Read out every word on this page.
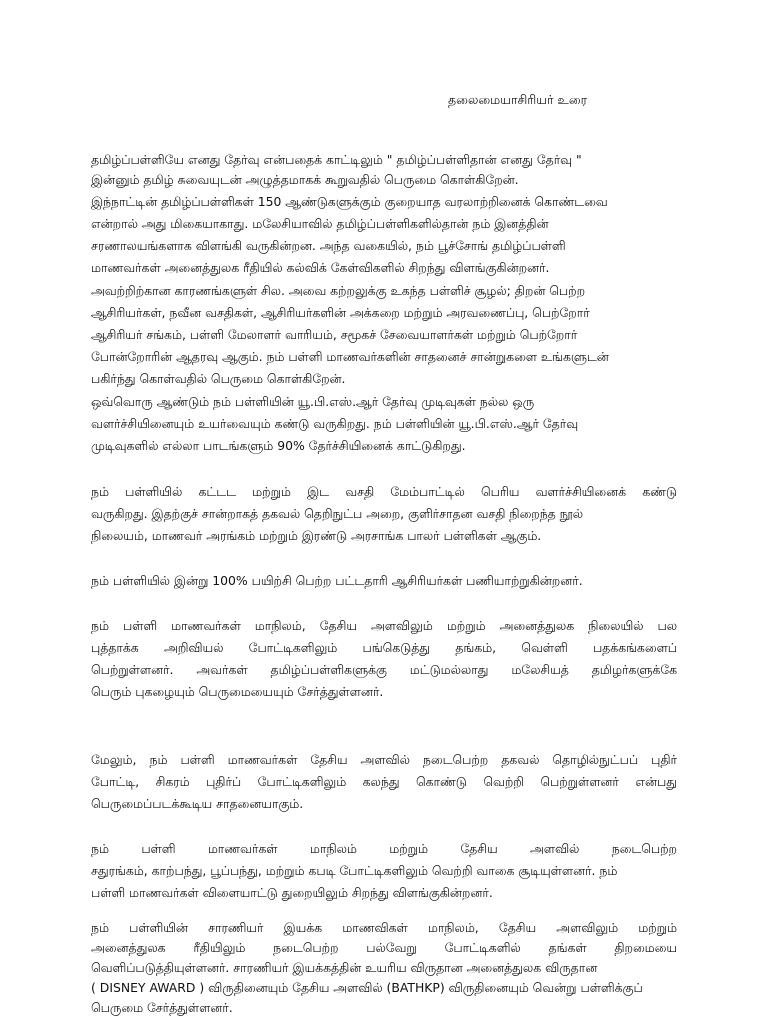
தலைமையாசிரியர் உரை
தமிழ்ப்பள்ளியே எனது தேர்வு என்பதைக் காட்டிலும் " தமிழ்ப்பள்ளிதான் எனது தேர்வு "
இன்னும் தமிழ் சுவையுடன் அழுத்தமாகக் கூறுவதில் பெருமை கொள்கிறேன்.
இந்நாட்டின் தமிழ்ப்பள்ளிகள் 150 ஆண்டுகளுக்கும் குறையாத வரலாற்றினைக் கொண்டவை
என்றால் அது மிகையாகாது. மலேசியாவில் தமிழ்ப்பள்ளிகளில்தான் நம் இனத்தின்
சரணாலயங்களாக விளங்கி வருகின்றன. அந்த வகையில், நம் பூச்சோங் தமிழ்ப்பள்ளி
மாணவர்கள் அனைத்துலக ரீதியில் கல்விக் கேள்விகளில் சிறந்து விளங்குகின்றனர்.
அவற்றிற்கான காரணங்களுள் சில. அவை கற்றலுக்கு உகந்த பள்ளிச் சூழல்; திறன் பெற்ற
ஆசிரியர்கள், நவீன வசதிகள், ஆசிரியர்களின் அக்கறை மற்றும் அரவணைப்பு, பெற்றோர்
ஆசிரியர் சங்கம், பள்ளி மேலாளர் வாரியம், சமூகச் சேவையாளர்கள் மற்றும் பெற்றோர்
போன்றோரின் ஆதரவு ஆகும். நம் பள்ளி மாணவர்களின் சாதனைச் சான்றுகளை உங்களுடன்
பகிர்ந்து கொள்வதில் பெருமை கொள்கிறேன்.
ஒவ்வொரு ஆண்டும் நம் பள்ளியின் யூ.பி.எஸ்.ஆர் தேர்வு முடிவுகள் நல்ல ஒரு
வளர்ச்சியினையும் உயர்வையும் கண்டு வருகிறது. நம் பள்ளியின் யூ.பி.எஸ்.ஆர் தேர்வு
முடிவுகளில் எல்லா பாடங்களும் 90% தேர்ச்சியினைக் காட்டுகிறது.
நம் பள்ளியில் கட்டட மற்றும் இட வசதி மேம்பாட்டில் பெரிய வளர்ச்சியினைக் கண்டு
வருகிறது. இதற்குச் சான்றாகத் தகவல் தெறிநுட்ப அறை, குளிர்சாதன வசதி நிறைந்த நூல்
நிலையம், மாணவர் அரங்கம் மற்றும் இரண்டு அரசாங்க பாலர் பள்ளிகள் ஆகும்.
நம் பள்ளியில் இன்று 100% பயிற்சி பெற்ற பட்டதாரி ஆசிரியர்கள் பணியாற்றுகின்றனர்.
நம் பள்ளி மாணவர்கள் மாநிலம், தேசிய அளவிலும் மற்றும் அனைத்துலக நிலையில் பல
புத்தாக்க அறிவியல் போட்டிகளிலும் பங்கெடுத்து தங்கம், வெள்ளி பதக்கங்களைப்
பெற்றுள்ளனர். அவர்கள் தமிழ்ப்பள்ளிகளுக்கு மட்டுமல்லாது மலேசியத் தமிழர்களுக்கே
பெரும் புகழையும் பெருமையையும் சேர்த்துள்ளனர்.
மேலும், நம் பள்ளி மாணவர்கள் தேசிய அளவில் நடைபெற்ற தகவல் தொழில்நுட்பப் புதிர்
போட்டி, சிகரம் புதிர்ப் போட்டிகளிலும் கலந்து கொண்டு வெற்றி பெற்றுள்ளனர் என்பது
பெருமைப்படக்கூடிய சாதனையாகும்.
நம் பள்ளி மாணவர்கள் மாநிலம் மற்றும் தேசிய அளவில் நடைபெற்ற
சதுரங்கம், காற்பந்து, பூப்பந்து, மற்றும் கபடி போட்டிகளிலும் வெற்றி வாகை சூடியுள்ளனர். நம்
பள்ளி மாணவர்கள் விளையாட்டு துறையிலும் சிறந்து விளங்குகின்றனர்.
நம் பள்ளியின் சாரணியர் இயக்க மாணவிகள் மாநிலம், தேசிய அளவிலும் மற்றும்
அனைத்துலக ரீதியிலும் நடைபெற்ற பல்வேறு போட்டிகளில் தங்கள் திறமையை
வெளிப்படுத்தியுள்ளனர். சாரணியர் இயக்கத்தின் உயரிய விருதான அனைத்துலக விருதான
( DISNEY AWARD ) விருதினையும் தேசிய அளவில் (BATHKP) விருதினையும் வென்று பள்ளிக்குப்
பெருமை சேர்த்துள்ளனர்.
